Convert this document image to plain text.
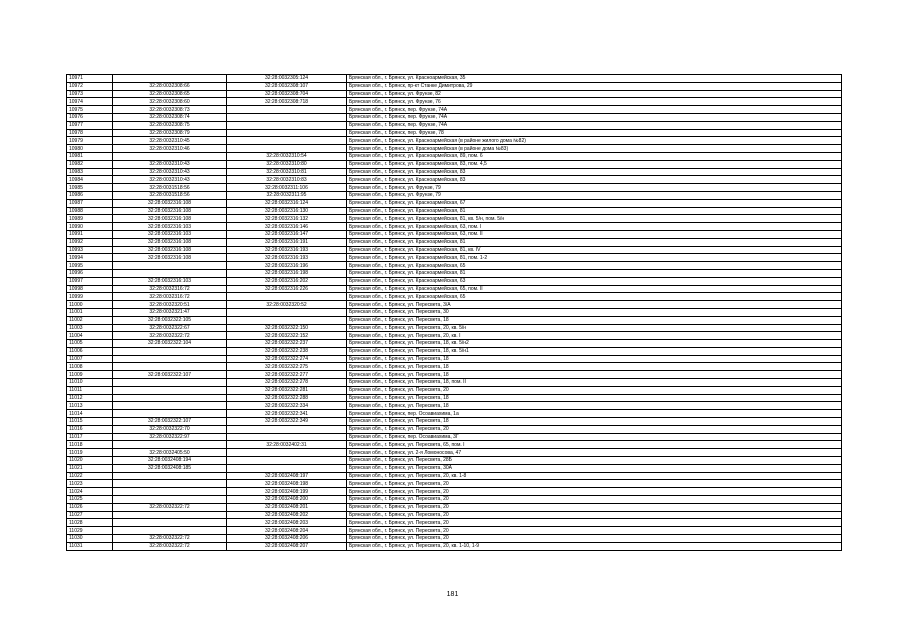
10971		32:28:0032305:124	Брянская обл., г. Брянск, ул. Красноармейская, 35
10972	32:28:0032308:66	32:28:0032308:107	Брянская обл., г. Брянск, пр-кт Станке Димитрова, 29
10973	32:28:0032308:65	32:28:0032308:704	Брянская обл., г. Брянск, ул. Фрунзе, 82
10974	32:28:0032308:60	32:28:0032308:718	Брянская обл., г. Брянск, ул. Фрунзе, 76
10975	32:28:0032308:73		Брянская обл., г. Брянск, пер. Фрунзе, 74А
10976	32:28:0032308:74		Брянская обл., г. Брянск, пер. Фрунзе, 74А
10977	32:28:0032308:75		Брянская обл., г. Брянск, пер. Фрунзе, 74А
10978	32:28:0032308:79		Брянская обл., г. Брянск, пер. Фрунзе, 78
10979	32:28:0032310:45		Брянская обл., г. Брянск, ул. Красноармейская (в районе жилого дома №82)
10980	32:28:0032310:46		Брянская обл., г. Брянск, ул. Красноармейская (в районе дома №83)
10981		32:28:0032310:54	Брянская обл., г. Брянск, ул. Красноармейская, 89, пом. 6
10982	32:28:0032310:43	32:28:0032310:80	Брянская обл., г. Брянск, ул. Красноармейская, 83, пом. 4,5
10983	32:28:0032310:43	32:28:0032310:81	Брянская обл., г. Брянск, ул. Красноармейская, 83
10984	32:28:0032310:43	32:28:0032310:83	Брянская обл., г. Брянск, ул. Красноармейская, 83
10985	32:28:0031518:56	32:28:0032311:106	Брянская обл., г. Брянск, ул. Фрунзе, 79
10986	32:28:0031518:56	32:28:0032311:95	Брянская обл., г. Брянск, ул. Фрунзе, 79
10987	32:28:0032316:108	32:28:0032316:124	Брянская обл., г. Брянск, ул. Красноармейская, 67
10988	32:28:0032316:108	32:28:0032316:130	Брянская обл., г. Брянск, ул. Красноармейская, 81
10989	32:28:0032316:108	32:28:0032316:132	Брянская обл., г. Брянск, ул. Красноармейская, 81, кв. 5/н, пом. 5/н
10990	32:28:0032316:103	32:28:0032316:146	Брянская обл., г. Брянск, ул. Красноармейская, 63, пом. I
10991	32:28:0032316:103	32:28:0032316:147	Брянская обл., г. Брянск, ул. Красноармейская, 63, пом. II
10992	32:28:0032316:108	32:28:0032316:191	Брянская обл., г. Брянск, ул. Красноармейская, 81
10993	32:28:0032316:108	32:28:0032316:193	Брянская обл., г. Брянск, ул. Красноармейская, 81, кв. IV
10994	32:28:0032316:108	32:28:0032316:193	Брянская обл., г. Брянск, ул. Красноармейская, 81, пом. 1-2
10995		32:28:0032316:196	Брянская обл., г. Брянск, ул. Красноармейская, 65
10996		32:28:0032316:198	Брянская обл., г. Брянск, ул. Красноармейская, 81
10997	32:28:0032316:103	32:28:0032316:202	Брянская обл., г. Брянск, ул. Красноармейская, 63
10998	32:28:0032316:72	32:28:0032316:226	Брянская обл., г. Брянск, ул. Красноармейская, 65, пом. II
10999	32:28:0032316:72		Брянская обл., г. Брянск, ул. Красноармейская, 65
11000	32:28:0032320:51	32:28:0032320:52	Брянская обл., г. Брянск, ул. Пересвета, 3/А
11001	32:28:0032321:47		Брянская обл., г. Брянск, ул. Пересвета, 30
11002	32:28:0032322:105		Брянская обл., г. Брянск, ул. Пересвета, 18
11003	32:28:0032322:67	32:28:0032322:150	Брянская обл., г. Брянск, ул. Пересвета, 20, кв. 5/н
11004	32:28:0032322:72	32:28:0032322:152	Брянская обл., г. Брянск, ул. Пересвета, 20, кв. I
11005	32:28:0032322:104	32:28:0032322:237	Брянская обл., г. Брянск, ул. Пересвета, 18, кв. 5/н2
11006		32:28:0032322:238	Брянская обл., г. Брянск, ул. Пересвета, 18, кв. 5/н1
11007		32:28:0032322:274	Брянская обл., г. Брянск, ул. Пересвета, 18
11008		32:28:0032322:275	Брянская обл., г. Брянск, ул. Пересвета, 18
11009	32:28:0032322:107	32:28:0032322:277	Брянская обл., г. Брянск, ул. Пересвета, 18
11010		32:28:0032322:278	Брянская обл., г. Брянск, ул. Пересвета, 18, пом. II
11011		32:28:0032322:281	Брянская обл., г. Брянск, ул. Пересвета, 20
11012		32:28:0032322:288	Брянская обл., г. Брянск, ул. Пересвета, 18
11013		32:28:0032322:334	Брянская обл., г. Брянск, ул. Пересвета, 18
11014		32:28:0032322:341	Брянская обл., г. Брянск, пер. Осоавиахима, 1а
11015	32:28:0032322:107	32:28:0032322:349	Брянская обл., г. Брянск, ул. Пересвета, 18
11016	32:28:0032322:70		Брянская обл., г. Брянск, ул. Пересвета, 20
11017	32:28:0032322:97		Брянская обл., г. Брянск, пер. Осоавиахима, 3Г
11018		32:28:0032402:31	Брянская обл., г. Брянск, ул. Пересвета, 65, пом. I
11019	32:28:0032405:50		Брянская обл., г. Брянск, ул. 2-я Ломоносова, 47
11020	32:28:0032408:194		Брянская обл., г. Брянск, ул. Пересвета, 28Б
11021	32:28:0032408:185		Брянская обл., г. Брянск, ул. Пересвета, 30А
11022		32:28:0032408:197	Брянская обл., г. Брянск, ул. Пересвета, 20, кв. 1-8
11023		32:28:0032408:198	Брянская обл., г. Брянск, ул. Пересвета, 20
11024		32:28:0032408:199	Брянская обл., г. Брянск, ул. Пересвета, 20
11025		32:28:0032408:200	Брянская обл., г. Брянск, ул. Пересвета, 20
11026	32:28:0032322:72	32:28:0032408:201	Брянская обл., г. Брянск, ул. Пересвета, 20
11027		32:28:0032408:202	Брянская обл., г. Брянск, ул. Пересвета, 20
11028		32:28:0032408:203	Брянская обл., г. Брянск, ул. Пересвета, 20
11029		32:28:0032408:204	Брянская обл., г. Брянск, ул. Пересвета, 20
11030	32:28:0032322:72	32:28:0032408:206	Брянская обл., г. Брянск, ул. Пересвета, 20
11031	32:28:0032322:72	32:28:0032408:207	Брянская обл., г. Брянск, ул. Пересвета, 20, кв. 1-10, 1-9
181
